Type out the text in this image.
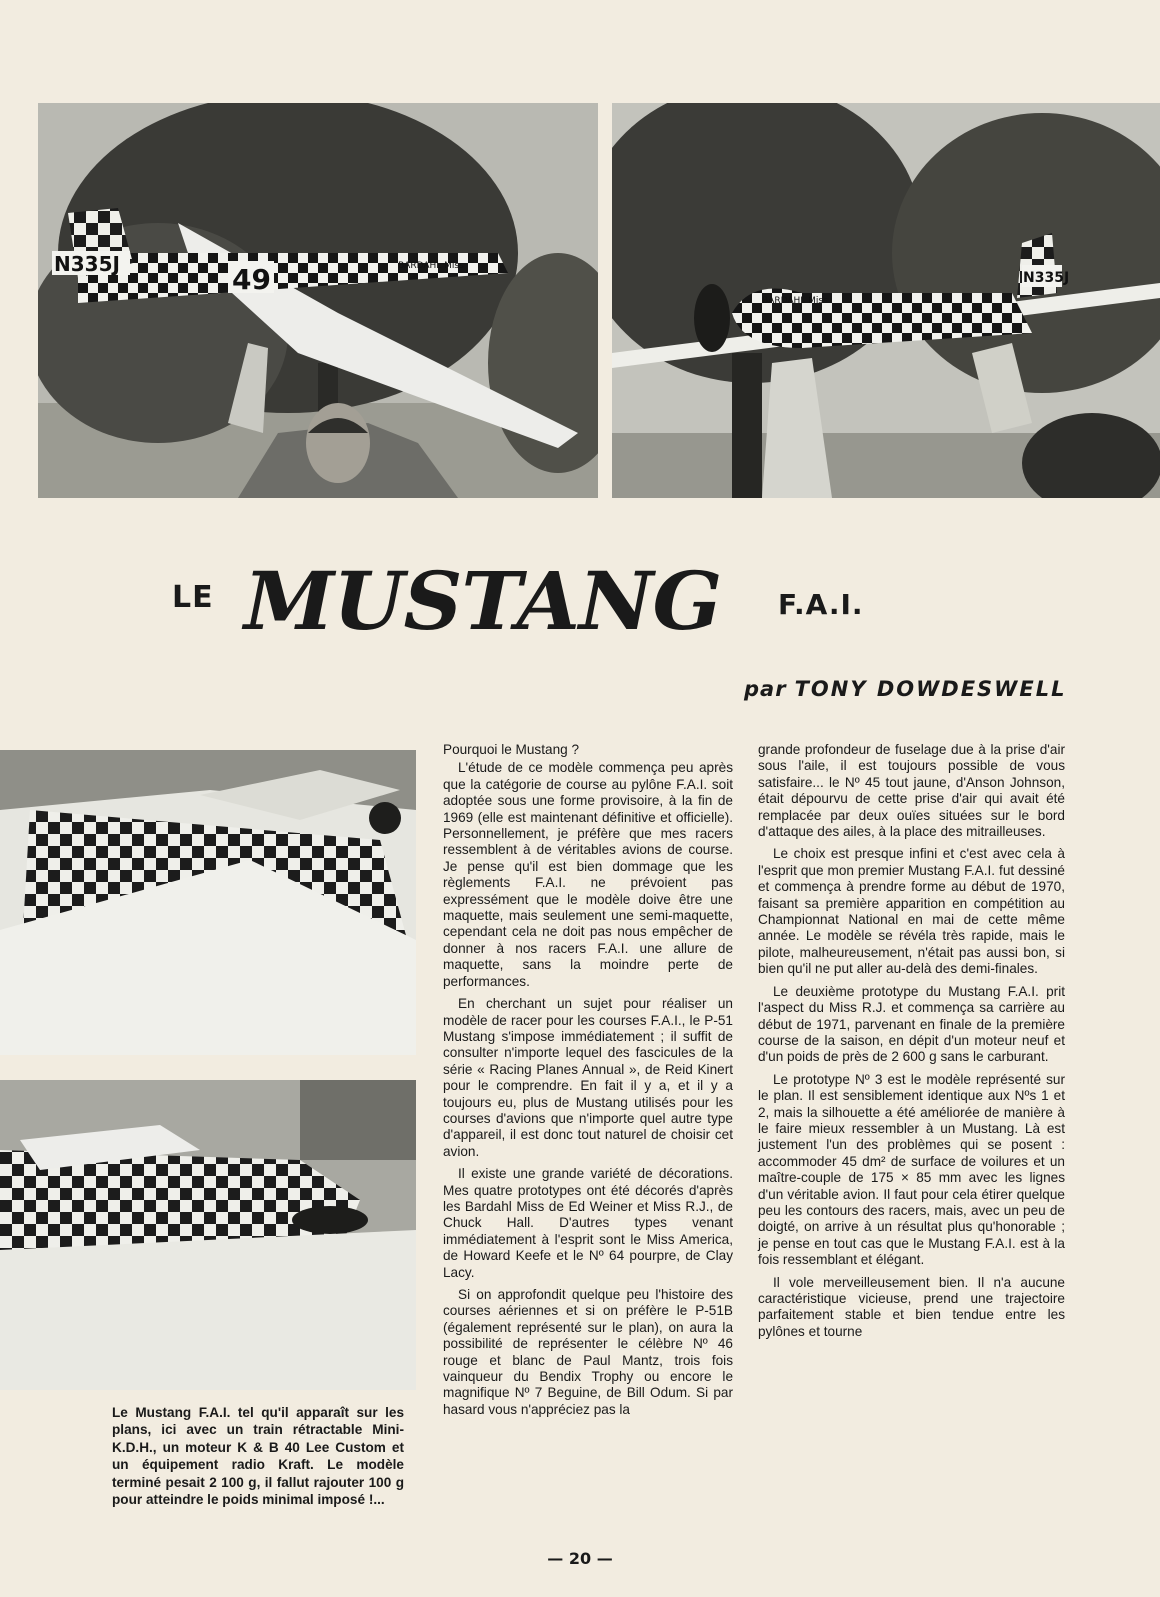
N335J	49	BARDAHL Miss
N335J
BARDAHL Miss
LE MUSTANG F.A.I.
par TONY DOWDESWELL
Le Mustang F.A.I. tel qu'il apparaît sur les plans, ici avec un train rétractable Mini-K.D.H., un moteur K & B 40 Lee Custom et un équipement radio Kraft. Le modèle terminé pesait 2 100 g, il fallut rajouter 100 g pour atteindre le poids minimal imposé !...

Pourquoi le Mustang ?

L'étude de ce modèle commença peu après que la catégorie de course au pylône F.A.I. soit adoptée sous une forme provisoire, à la fin de 1969 (elle est maintenant définitive et officielle). Personnellement, je préfère que mes racers ressemblent à de véritables avions de course. Je pense qu'il est bien dommage que les règlements F.A.I. ne prévoient pas expressément que le modèle doive être une maquette, mais seulement une semi-maquette, cependant cela ne doit pas nous empêcher de donner à nos racers F.A.I. une allure de maquette, sans la moindre perte de performances.

En cherchant un sujet pour réaliser un modèle de racer pour les courses F.A.I., le P-51 Mustang s'impose immédiatement ; il suffit de consulter n'importe lequel des fascicules de la série « Racing Planes Annual », de Reid Kinert pour le comprendre. En fait il y a, et il y a toujours eu, plus de Mustang utilisés pour les courses d'avions que n'importe quel autre type d'appareil, il est donc tout naturel de choisir cet avion.

Il existe une grande variété de décorations. Mes quatre prototypes ont été décorés d'après les Bardahl Miss de Ed Weiner et Miss R.J., de Chuck Hall. D'autres types venant immédiatement à l'esprit sont le Miss America, de Howard Keefe et le Nº 64 pourpre, de Clay Lacy.

Si on approfondit quelque peu l'histoire des courses aériennes et si on préfère le P-51B (également représenté sur le plan), on aura la possibilité de représenter le célèbre Nº 46 rouge et blanc de Paul Mantz, trois fois vainqueur du Bendix Trophy ou encore le magnifique Nº 7 Beguine, de Bill Odum. Si par hasard vous n'appréciez pas la

grande profondeur de fuselage due à la prise d'air sous l'aile, il est toujours possible de vous satisfaire... le Nº 45 tout jaune, d'Anson Johnson, était dépourvu de cette prise d'air qui avait été remplacée par deux ouïes situées sur le bord d'attaque des ailes, à la place des mitrailleuses.

Le choix est presque infini et c'est avec cela à l'esprit que mon premier Mustang F.A.I. fut dessiné et commença à prendre forme au début de 1970, faisant sa première apparition en compétition au Championnat National en mai de cette même année. Le modèle se révéla très rapide, mais le pilote, malheureusement, n'était pas aussi bon, si bien qu'il ne put aller au-delà des demi-finales.

Le deuxième prototype du Mustang F.A.I. prit l'aspect du Miss R.J. et commença sa carrière au début de 1971, parvenant en finale de la première course de la saison, en dépit d'un moteur neuf et d'un poids de près de 2 600 g sans le carburant.

Le prototype Nº 3 est le modèle représenté sur le plan. Il est sensiblement identique aux Nºs 1 et 2, mais la silhouette a été améliorée de manière à le faire mieux ressembler à un Mustang. Là est justement l'un des problèmes qui se posent : accommoder 45 dm² de surface de voilures et un maître-couple de 175 × 85 mm avec les lignes d'un véritable avion. Il faut pour cela étirer quelque peu les contours des racers, mais, avec un peu de doigté, on arrive à un résultat plus qu'honorable ; je pense en tout cas que le Mustang F.A.I. est à la fois ressemblant et élégant.

Il vole merveilleusement bien. Il n'a aucune caractéristique vicieuse, prend une trajectoire parfaitement stable et bien tendue entre les pylônes et tourne

— 20 —
